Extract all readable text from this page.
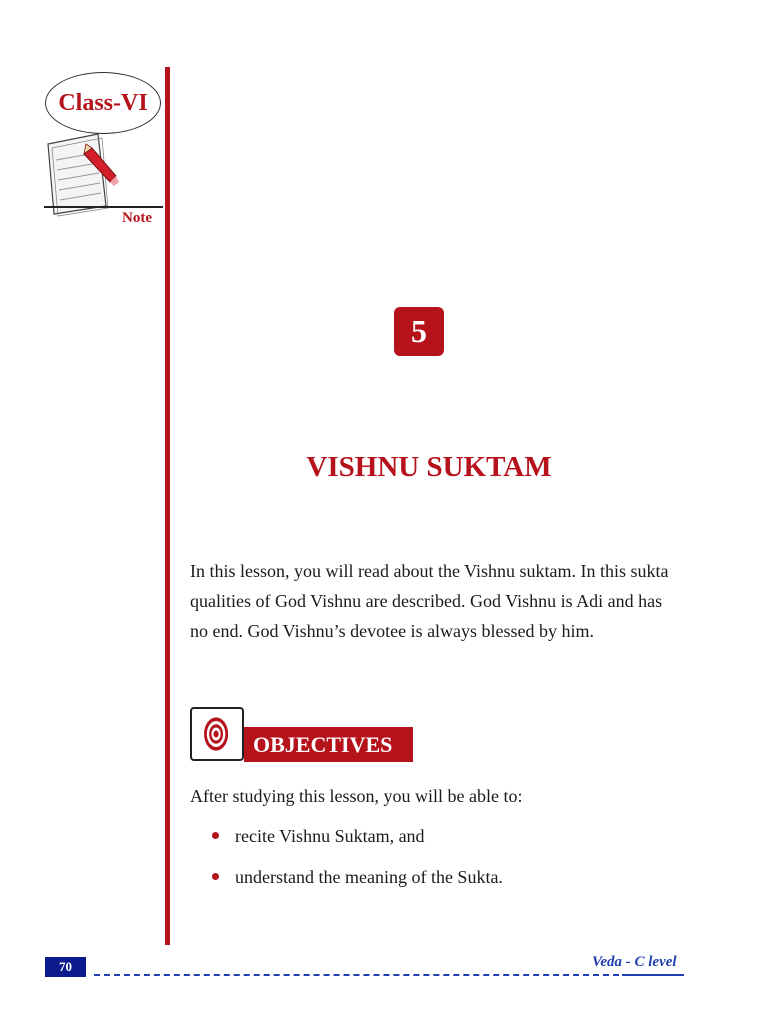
Class-VI
Note
5
VISHNU SUKTAM

In this lesson, you will read about the Vishnu suktam. In this sukta qualities of God Vishnu are described. God Vishnu is Adi and has no end. God Vishnu’s devotee is always blessed by him.

OBJECTIVES

After studying this lesson, you will be able to:

recite Vishnu Suktam, and
understand the meaning of the Sukta.
70	Veda - C level
